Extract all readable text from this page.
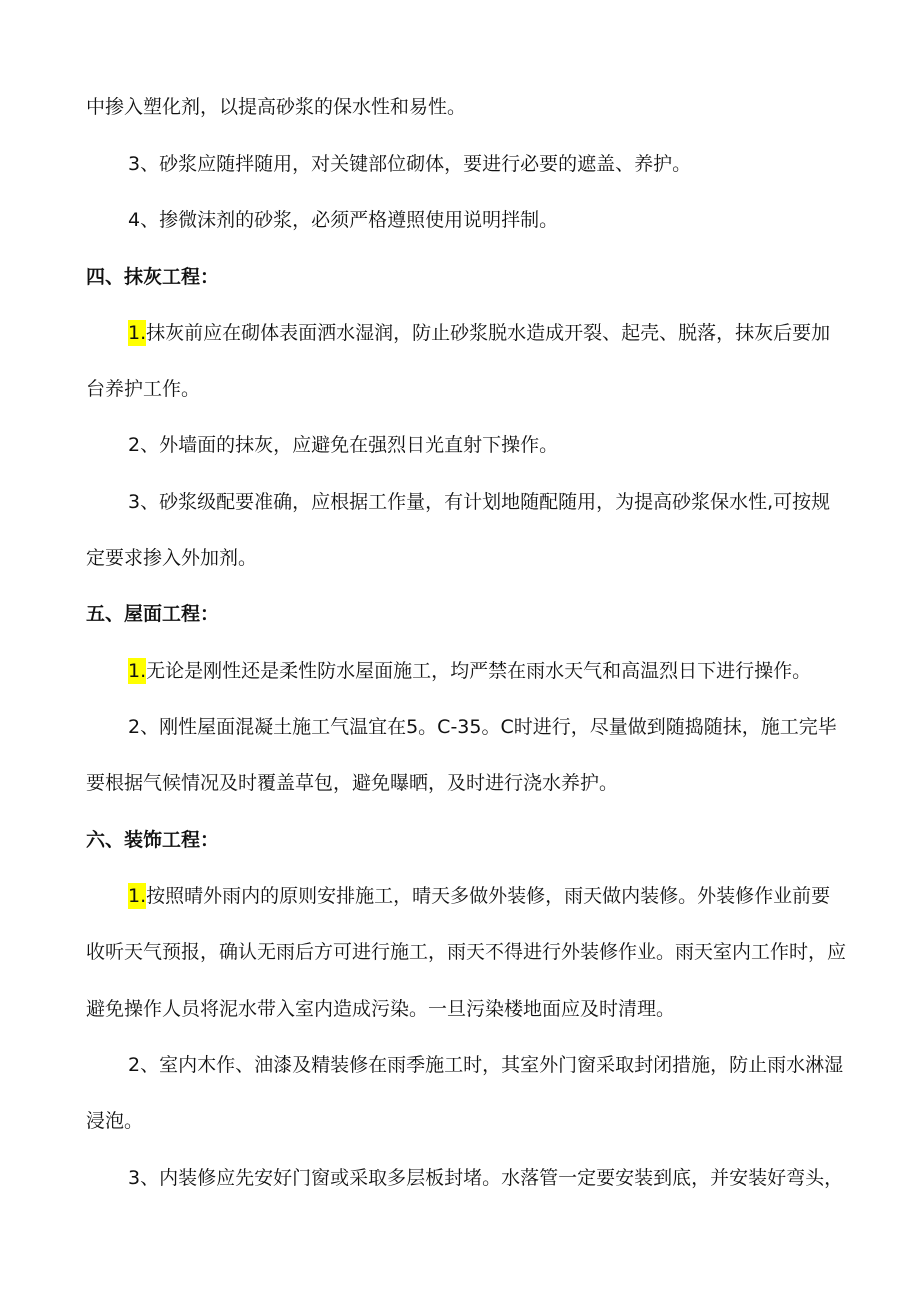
中掺入塑化剂，以提高砂浆的保水性和易性。
3、砂浆应随拌随用，对关键部位砌体，要进行必要的遮盖、养护。
4、掺微沫剂的砂浆，必须严格遵照使用说明拌制。
四、抹灰工程：
1.抹灰前应在砌体表面洒水湿润，防止砂浆脱水造成开裂、起壳、脱落，抹灰后要加
台养护工作。
2、外墙面的抹灰，应避免在强烈日光直射下操作。
3、砂浆级配要准确，应根据工作量，有计划地随配随用，为提高砂浆保水性,可按规
定要求掺入外加剂。
五、屋面工程：
1.无论是刚性还是柔性防水屋面施工，均严禁在雨水天气和高温烈日下进行操作。
2、刚性屋面混凝土施工气温宜在5。C-35。C时进行，尽量做到随捣随抹，施工完毕
要根据气候情况及时覆盖草包，避免曝晒，及时进行浇水养护。
六、装饰工程：
1.按照晴外雨内的原则安排施工，晴天多做外装修，雨天做内装修。外装修作业前要
收听天气预报，确认无雨后方可进行施工，雨天不得进行外装修作业。雨天室内工作时，应
避免操作人员将泥水带入室内造成污染。一旦污染楼地面应及时清理。
2、室内木作、油漆及精装修在雨季施工时，其室外门窗采取封闭措施，防止雨水淋湿
浸泡。
3、内装修应先安好门窗或采取多层板封堵。水落管一定要安装到底，并安装好弯头，
